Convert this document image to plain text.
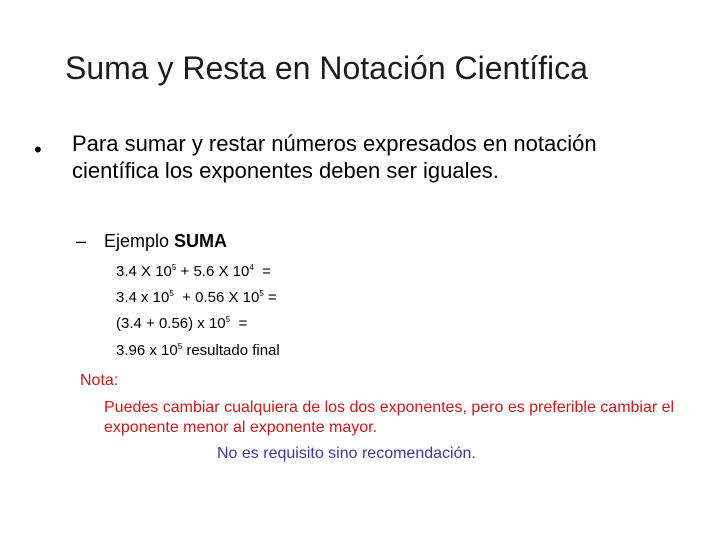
Suma y Resta en Notación Científica
• Para sumar y restar números expresados en notación científica los exponentes deben ser iguales.
– Ejemplo SUMA
3.4 X $10^5 + 5.6$ X $10^4$  =
3.4 x $10^5 + 0.56$ X $10^5$ =
(3.4 + 0.56) x $10^5$  =
3.96 x $10^5$ resultado final
Nota:
Puedes cambiar cualquiera de los dos exponentes, pero es preferible cambiar el exponente menor al exponente mayor.
No es requisito sino recomendación.
